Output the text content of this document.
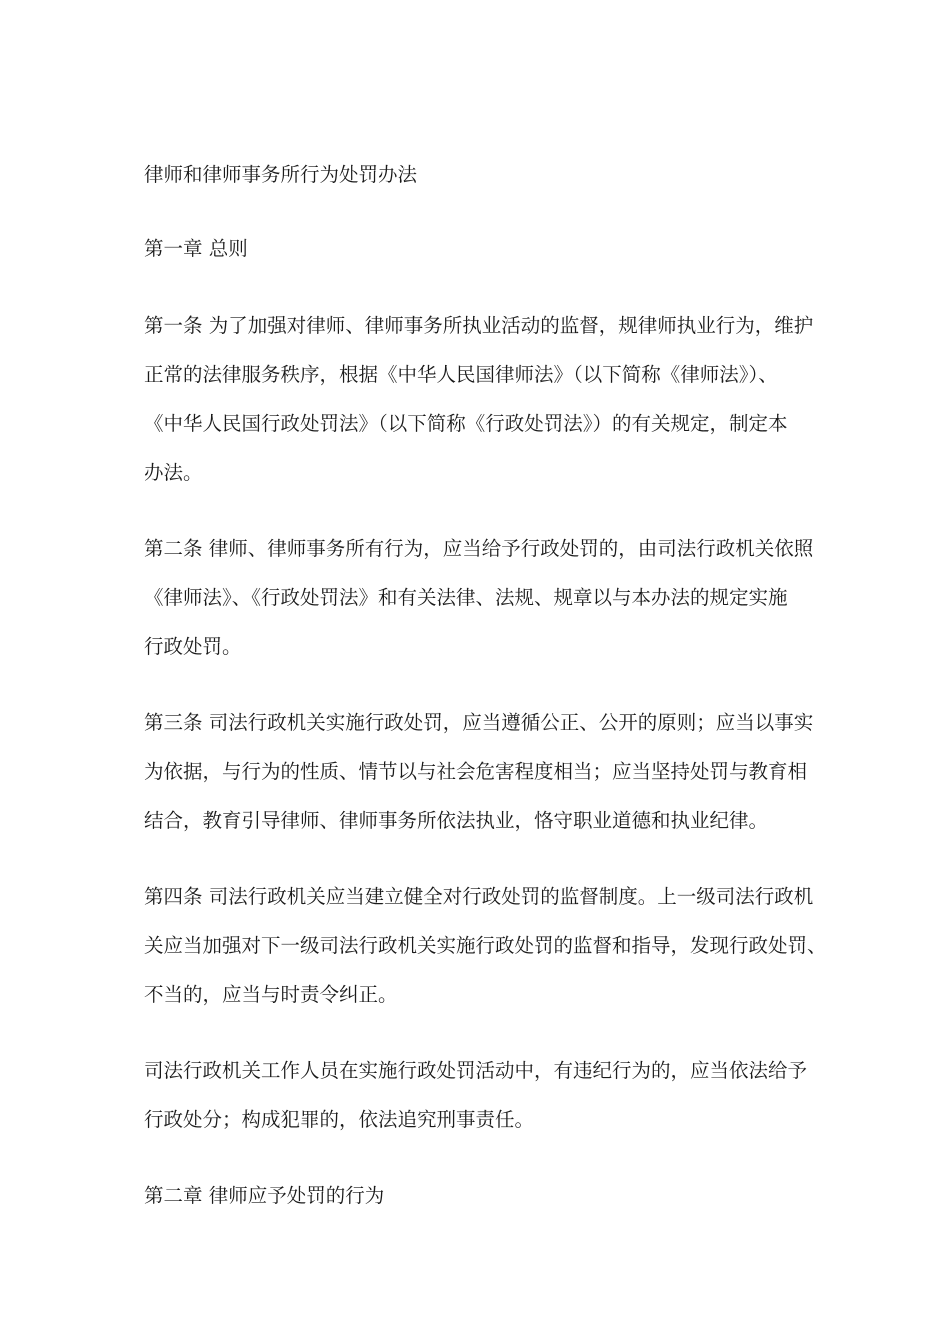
律师和律师事务所行为处罚办法
第一章 总则
第一条 为了加强对律师、律师事务所执业活动的监督，规律师执业行为，维护
正常的法律服务秩序，根据《中华人民国律师法》（以下简称《律师法》）、
《中华人民国行政处罚法》（以下简称《行政处罚法》）的有关规定，制定本
办法。
第二条 律师、律师事务所有行为，应当给予行政处罚的，由司法行政机关依照
《律师法》、《行政处罚法》和有关法律、法规、规章以与本办法的规定实施
行政处罚。
第三条 司法行政机关实施行政处罚，应当遵循公正、公开的原则；应当以事实
为依据，与行为的性质、情节以与社会危害程度相当；应当坚持处罚与教育相
结合，教育引导律师、律师事务所依法执业，恪守职业道德和执业纪律。
第四条 司法行政机关应当建立健全对行政处罚的监督制度。上一级司法行政机
关应当加强对下一级司法行政机关实施行政处罚的监督和指导，发现行政处罚、
不当的，应当与时责令纠正。
司法行政机关工作人员在实施行政处罚活动中，有违纪行为的，应当依法给予
行政处分；构成犯罪的，依法追究刑事责任。
第二章 律师应予处罚的行为
